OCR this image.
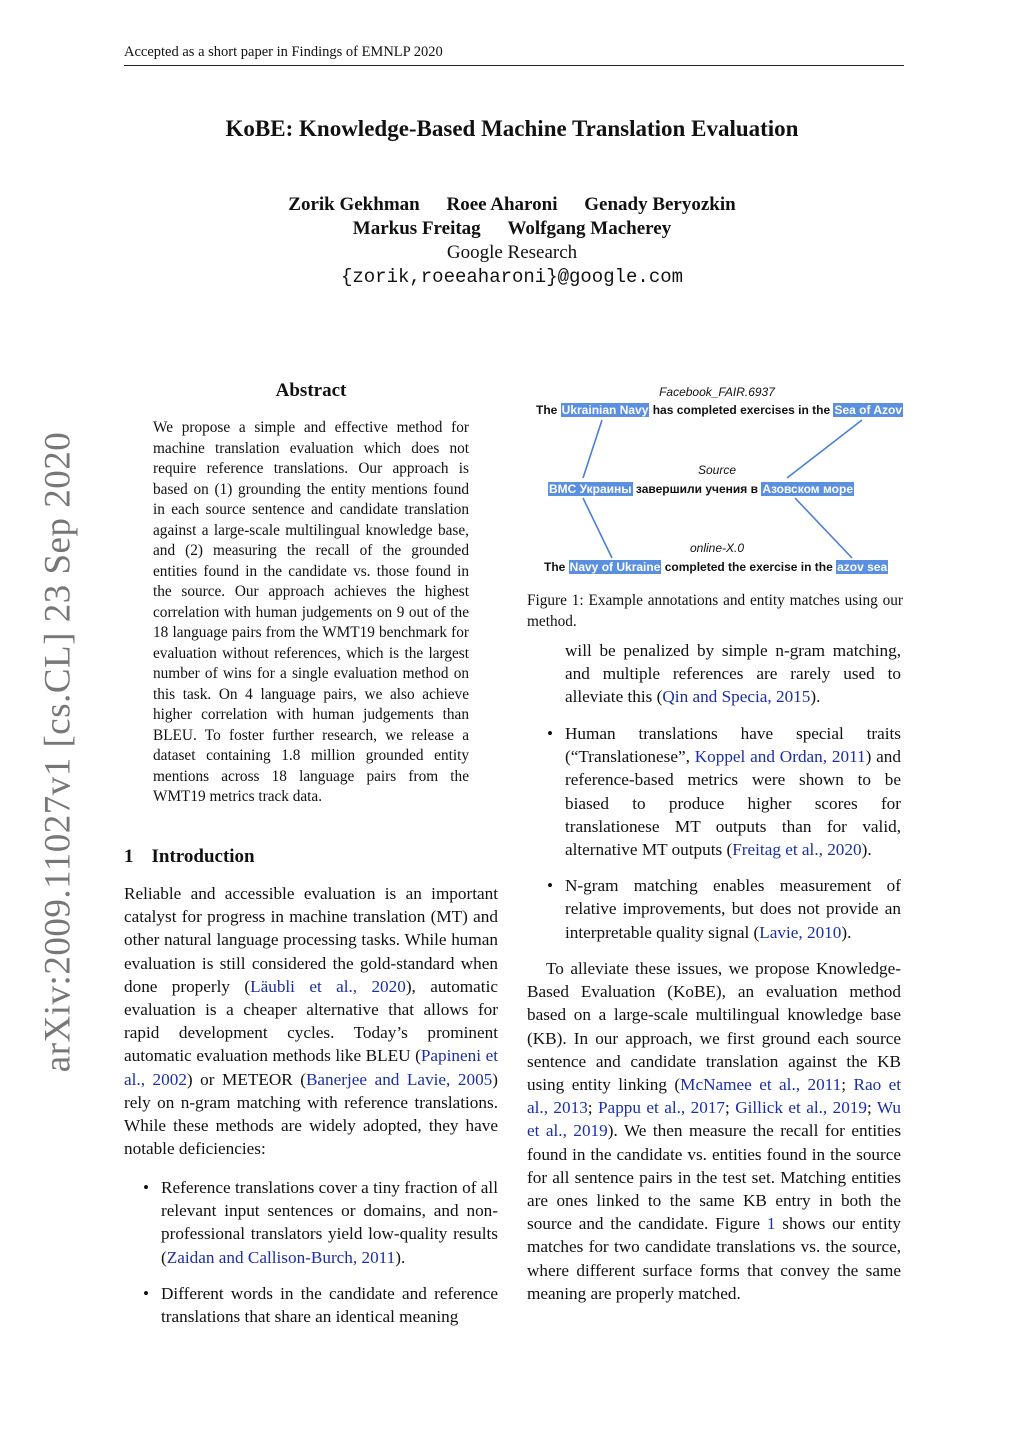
Accepted as a short paper in Findings of EMNLP 2020
KoBE: Knowledge-Based Machine Translation Evaluation
Zorik Gekhman Roee Aharoni Genady Beryozkin
Markus Freitag Wolfgang Macherey
Google Research
{zorik,roeeaharoni}@google.com
arXiv:2009.11027v1 [cs.CL] 23 Sep 2020
Abstract
We propose a simple and effective method for machine translation evaluation which does not require reference translations. Our approach is based on (1) grounding the entity mentions found in each source sentence and candidate translation against a large-scale multilingual knowledge base, and (2) measuring the recall of the grounded entities found in the candidate vs. those found in the source. Our approach achieves the highest correlation with human judgements on 9 out of the 18 language pairs from the WMT19 benchmark for evaluation without references, which is the largest number of wins for a single evaluation method on this task. On 4 language pairs, we also achieve higher correlation with human judgements than BLEU. To foster further research, we release a dataset containing 1.8 million grounded entity mentions across 18 language pairs from the WMT19 metrics track data.
1 Introduction
Reliable and accessible evaluation is an important catalyst for progress in machine translation (MT) and other natural language processing tasks. While human evaluation is still considered the gold-standard when done properly (Läubli et al., 2020), automatic evaluation is a cheaper alternative that allows for rapid development cycles. Today’s prominent automatic evaluation methods like BLEU (Papineni et al., 2002) or METEOR (Banerjee and Lavie, 2005) rely on n-gram matching with reference translations. While these methods are widely adopted, they have notable deficiencies:
• Reference translations cover a tiny fraction of all relevant input sentences or domains, and non-professional translators yield low-quality results (Zaidan and Callison-Burch, 2011).
• Different words in the candidate and reference translations that share an identical meaning
Facebook_FAIR.6937
The Ukrainian Navy has completed exercises in the Sea of Azov
Source
ВМС Украины завершили учения в Азовском море
online-X.0
The Navy of Ukraine completed the exercise in the azov sea
Figure 1: Example annotations and entity matches using our method.
will be penalized by simple n-gram matching, and multiple references are rarely used to alleviate this (Qin and Specia, 2015).
• Human translations have special traits (“Translationese”, Koppel and Ordan, 2011) and reference-based metrics were shown to be biased to produce higher scores for translationese MT outputs than for valid, alternative MT outputs (Freitag et al., 2020).
• N-gram matching enables measurement of relative improvements, but does not provide an interpretable quality signal (Lavie, 2010).
To alleviate these issues, we propose Knowledge-Based Evaluation (KoBE), an evaluation method based on a large-scale multilingual knowledge base (KB). In our approach, we first ground each source sentence and candidate translation against the KB using entity linking (McNamee et al., 2011; Rao et al., 2013; Pappu et al., 2017; Gillick et al., 2019; Wu et al., 2019). We then measure the recall for entities found in the candidate vs. entities found in the source for all sentence pairs in the test set. Matching entities are ones linked to the same KB entry in both the source and the candidate. Figure 1 shows our entity matches for two candidate translations vs. the source, where different surface forms that convey the same meaning are properly matched.
